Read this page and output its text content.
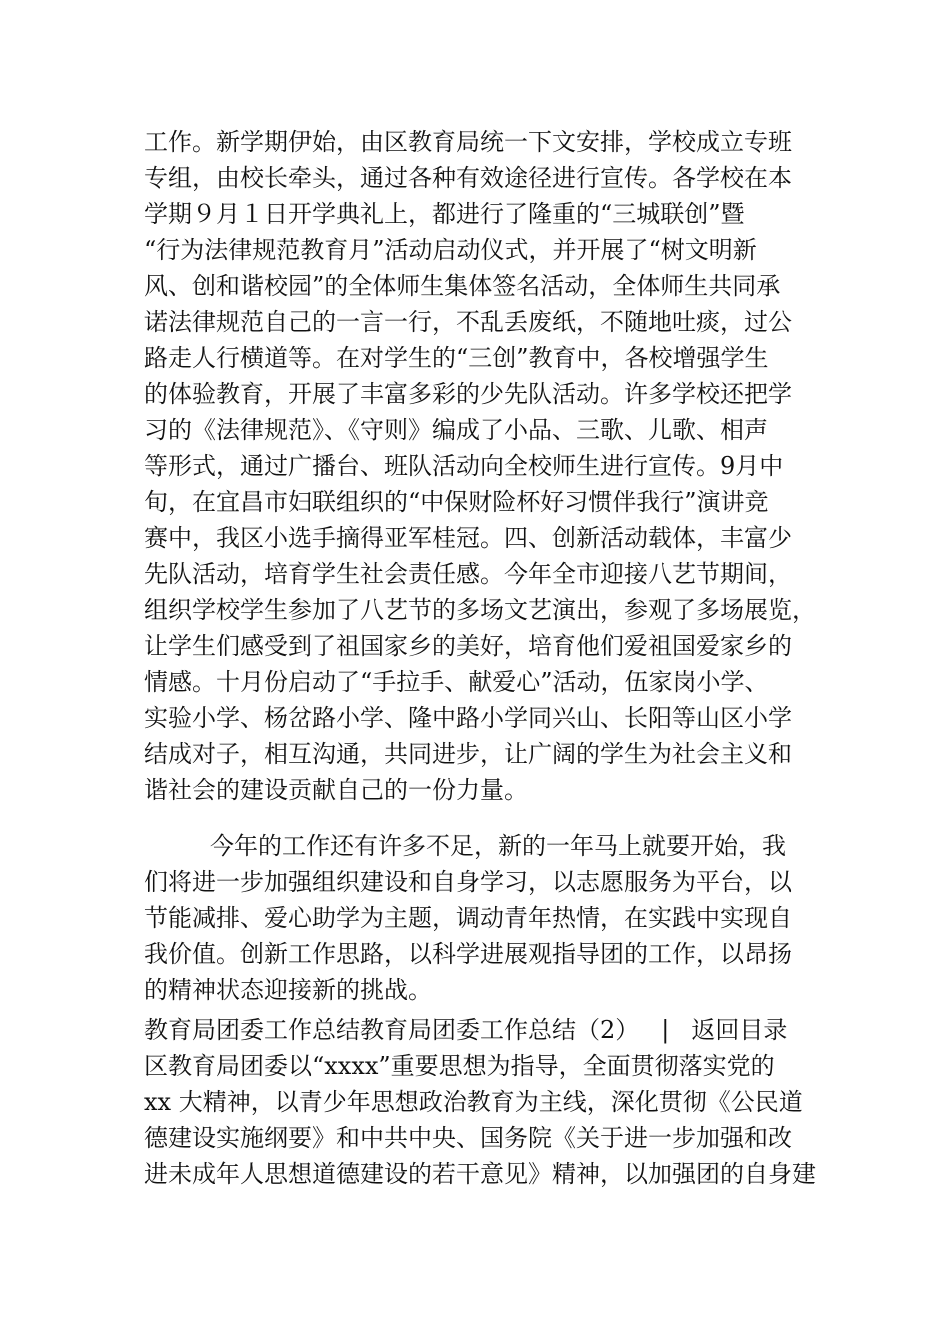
工作。新学期伊始，由区教育局统一下文安排，学校成立专班
专组，由校长牵头，通过各种有效途径进行宣传。各学校在本
学期９月１日开学典礼上，都进行了隆重的“三城联创”暨
“行为法律规范教育月”活动启动仪式，并开展了“树文明新
风、创和谐校园”的全体师生集体签名活动，全体师生共同承
诺法律规范自己的一言一行，不乱丢废纸，不随地吐痰，过公
路走人行横道等。在对学生的“三创”教育中，各校增强学生
的体验教育，开展了丰富多彩的少先队活动。许多学校还把学
习的《法律规范》、《守则》编成了小品、三歌、儿歌、相声
等形式，通过广播台、班队活动向全校师生进行宣传。9月中
旬，在宜昌市妇联组织的“中保财险杯好习惯伴我行”演讲竞
赛中，我区小选手摘得亚军桂冠。四、创新活动载体，丰富少
先队活动，培育学生社会责任感。今年全市迎接八艺节期间，
组织学校学生参加了八艺节的多场文艺演出，参观了多场展览，
让学生们感受到了祖国家乡的美好，培育他们爱祖国爱家乡的
情感。十月份启动了“手拉手、献爱心”活动，伍家岗小学、
实验小学、杨岔路小学、隆中路小学同兴山、长阳等山区小学
结成对子，相互沟通，共同进步，让广阔的学生为社会主义和
谐社会的建设贡献自己的一份力量。
今年的工作还有许多不足，新的一年马上就要开始，我
们将进一步加强组织建设和自身学习，以志愿服务为平台，以
节能减排、爱心助学为主题，调动青年热情，在实践中实现自
我价值。创新工作思路，以科学进展观指导团的工作，以昂扬
的精神状态迎接新的挑战。
教育局团委工作总结教育局团委工作总结（2） | 返回目录
区教育局团委以“xxxx”重要思想为指导，全面贯彻落实党的
xx 大精神，以青少年思想政治教育为主线，深化贯彻《公民道
德建设实施纲要》和中共中央、国务院《关于进一步加强和改
进未成年人思想道德建设的若干意见》精神，以加强团的自身建
